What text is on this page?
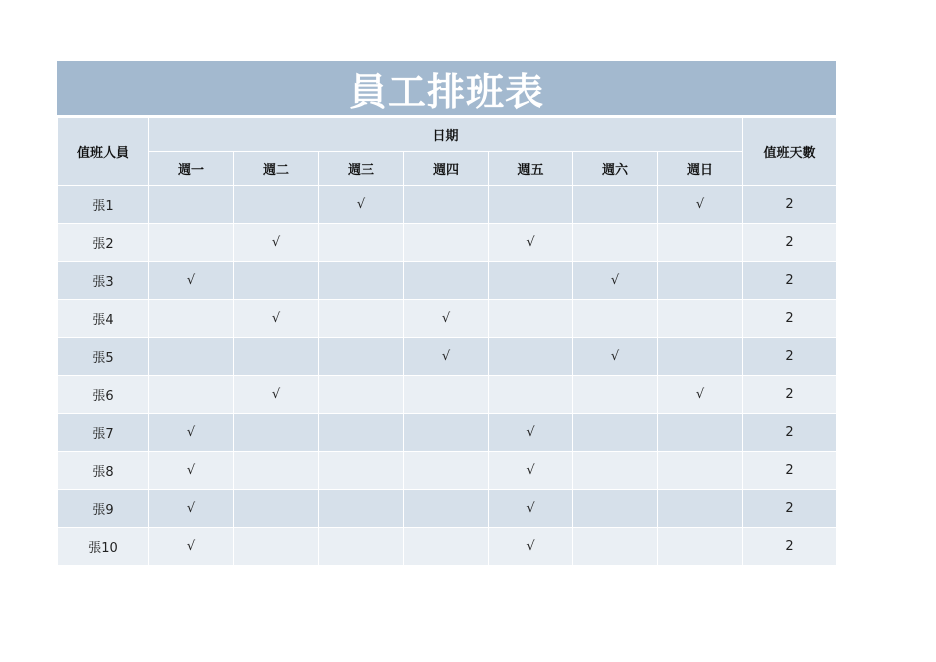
員工排班表
值班人員	日期							值班天數
	週一	週二	週三	週四	週五	週六	週日	
張1			√				√	2
張2		√			√			2
張3	√					√		2
張4		√		√				2
張5				√		√		2
張6		√					√	2
張7	√				√			2
張8	√				√			2
張9	√				√			2
張10	√				√			2
